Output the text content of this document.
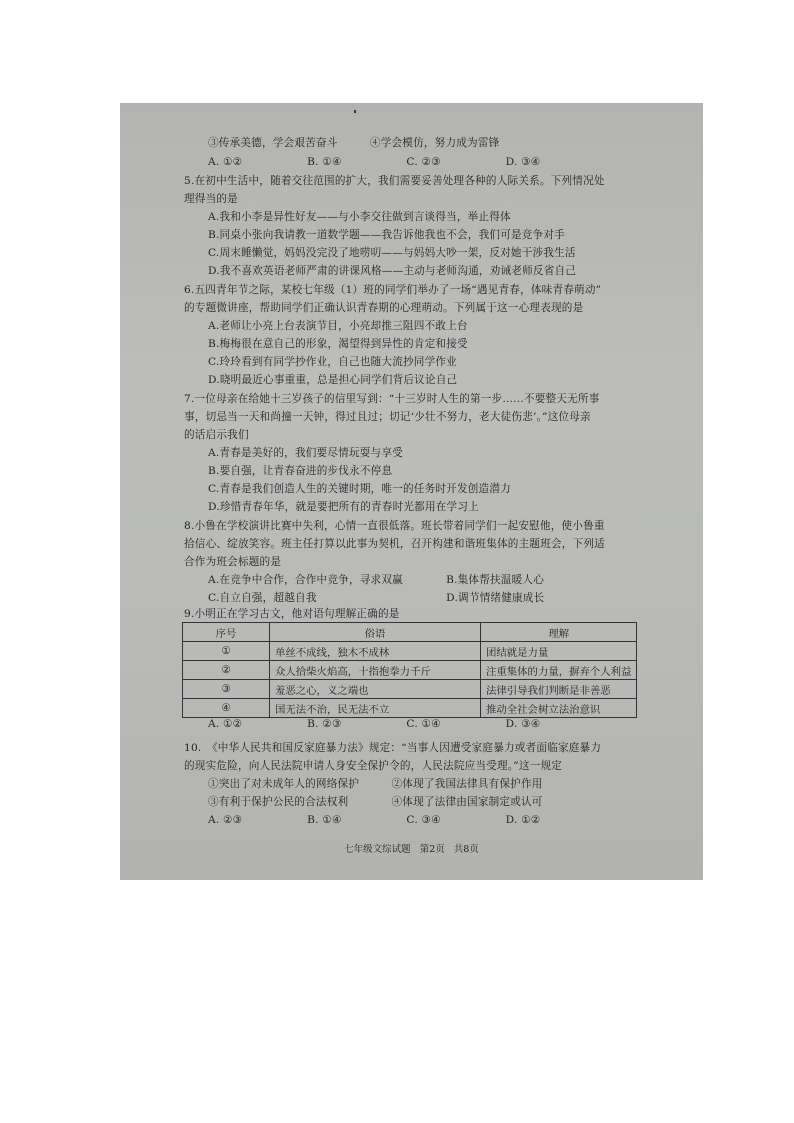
③传承美德，学会艰苦奋斗　　　④学会模仿，努力成为雷锋
A. ①②　　　　　　B. ①④　　　　　　C. ②③　　　　　　D. ③④
5.在初中生活中，随着交往范围的扩大，我们需要妥善处理各种的人际关系。下列情况处
理得当的是
A.我和小李是异性好友——与小李交往做到言谈得当，举止得体
B.同桌小张向我请教一道数学题——我告诉他我也不会，我们可是竞争对手
C.周末睡懒觉，妈妈没完没了地唠叨——与妈妈大吵一架，反对她干涉我生活
D.我不喜欢英语老师严肃的讲课风格——主动与老师沟通，劝诫老师反省自己
6.五四青年节之际，某校七年级（1）班的同学们举办了一场“遇见青春，体味青春萌动”
的专题微讲座，帮助同学们正确认识青春期的心理萌动。下列属于这一心理表现的是
A.老师让小亮上台表演节目，小亮却推三阻四不敢上台
B.梅梅很在意自己的形象，渴望得到异性的肯定和接受
C.玲玲看到有同学抄作业，自己也随大流抄同学作业
D.晓明最近心事重重，总是担心同学们背后议论自己
7.一位母亲在给她十三岁孩子的信里写到：“十三岁时人生的第一步……不要整天无所事
事，切忌当一天和尚撞一天钟，得过且过；切记‘少壮不努力，老大徒伤悲’。”这位母亲
的话启示我们
A.青春是美好的，我们要尽情玩耍与享受
B.要自强，让青春奋进的步伐永不停息
C.青春是我们创造人生的关键时期，唯一的任务时开发创造潜力
D.珍惜青春年华，就是要把所有的青春时光都用在学习上
8.小鲁在学校演讲比赛中失利，心情一直很低落。班长带着同学们一起安慰他，使小鲁重
拾信心、绽放笑容。班主任打算以此事为契机，召开构建和谐班集体的主题班会，下列适
合作为班会标题的是
A.在竞争中合作，合作中竞争，寻求双赢　　　　B.集体帮扶温暖人心
C.自立自强，超越自我　　　　　　　　　　　　D.调节情绪健康成长
9.小明正在学习古文，他对语句理解正确的是
序号	俗语	理解
①	单丝不成线，独木不成林	团结就是力量
②	众人拾柴火焰高，十指抱拳力千斤	注重集体的力量，摒弃个人利益
③	羞恶之心，义之端也	法律引导我们判断是非善恶
④	国无法不治，民无法不立	推动全社会树立法治意识
A. ①②　　　　　　B. ②③　　　　　　C. ①④　　　　　　D. ③④
10.　《中华人民共和国反家庭暴力法》规定：“当事人因遭受家庭暴力或者面临家庭暴力
的现实危险，向人民法院申请人身安全保护令的，人民法院应当受理。”这一规定
①突出了对未成年人的网络保护　　　②体现了我国法律具有保护作用
③有利于保护公民的合法权利　　　　④体现了法律由国家制定或认可
A. ②③　　　　　　B. ①④　　　　　　C. ③④　　　　　　D. ①②
七年级文综试题 第2页 共8页
